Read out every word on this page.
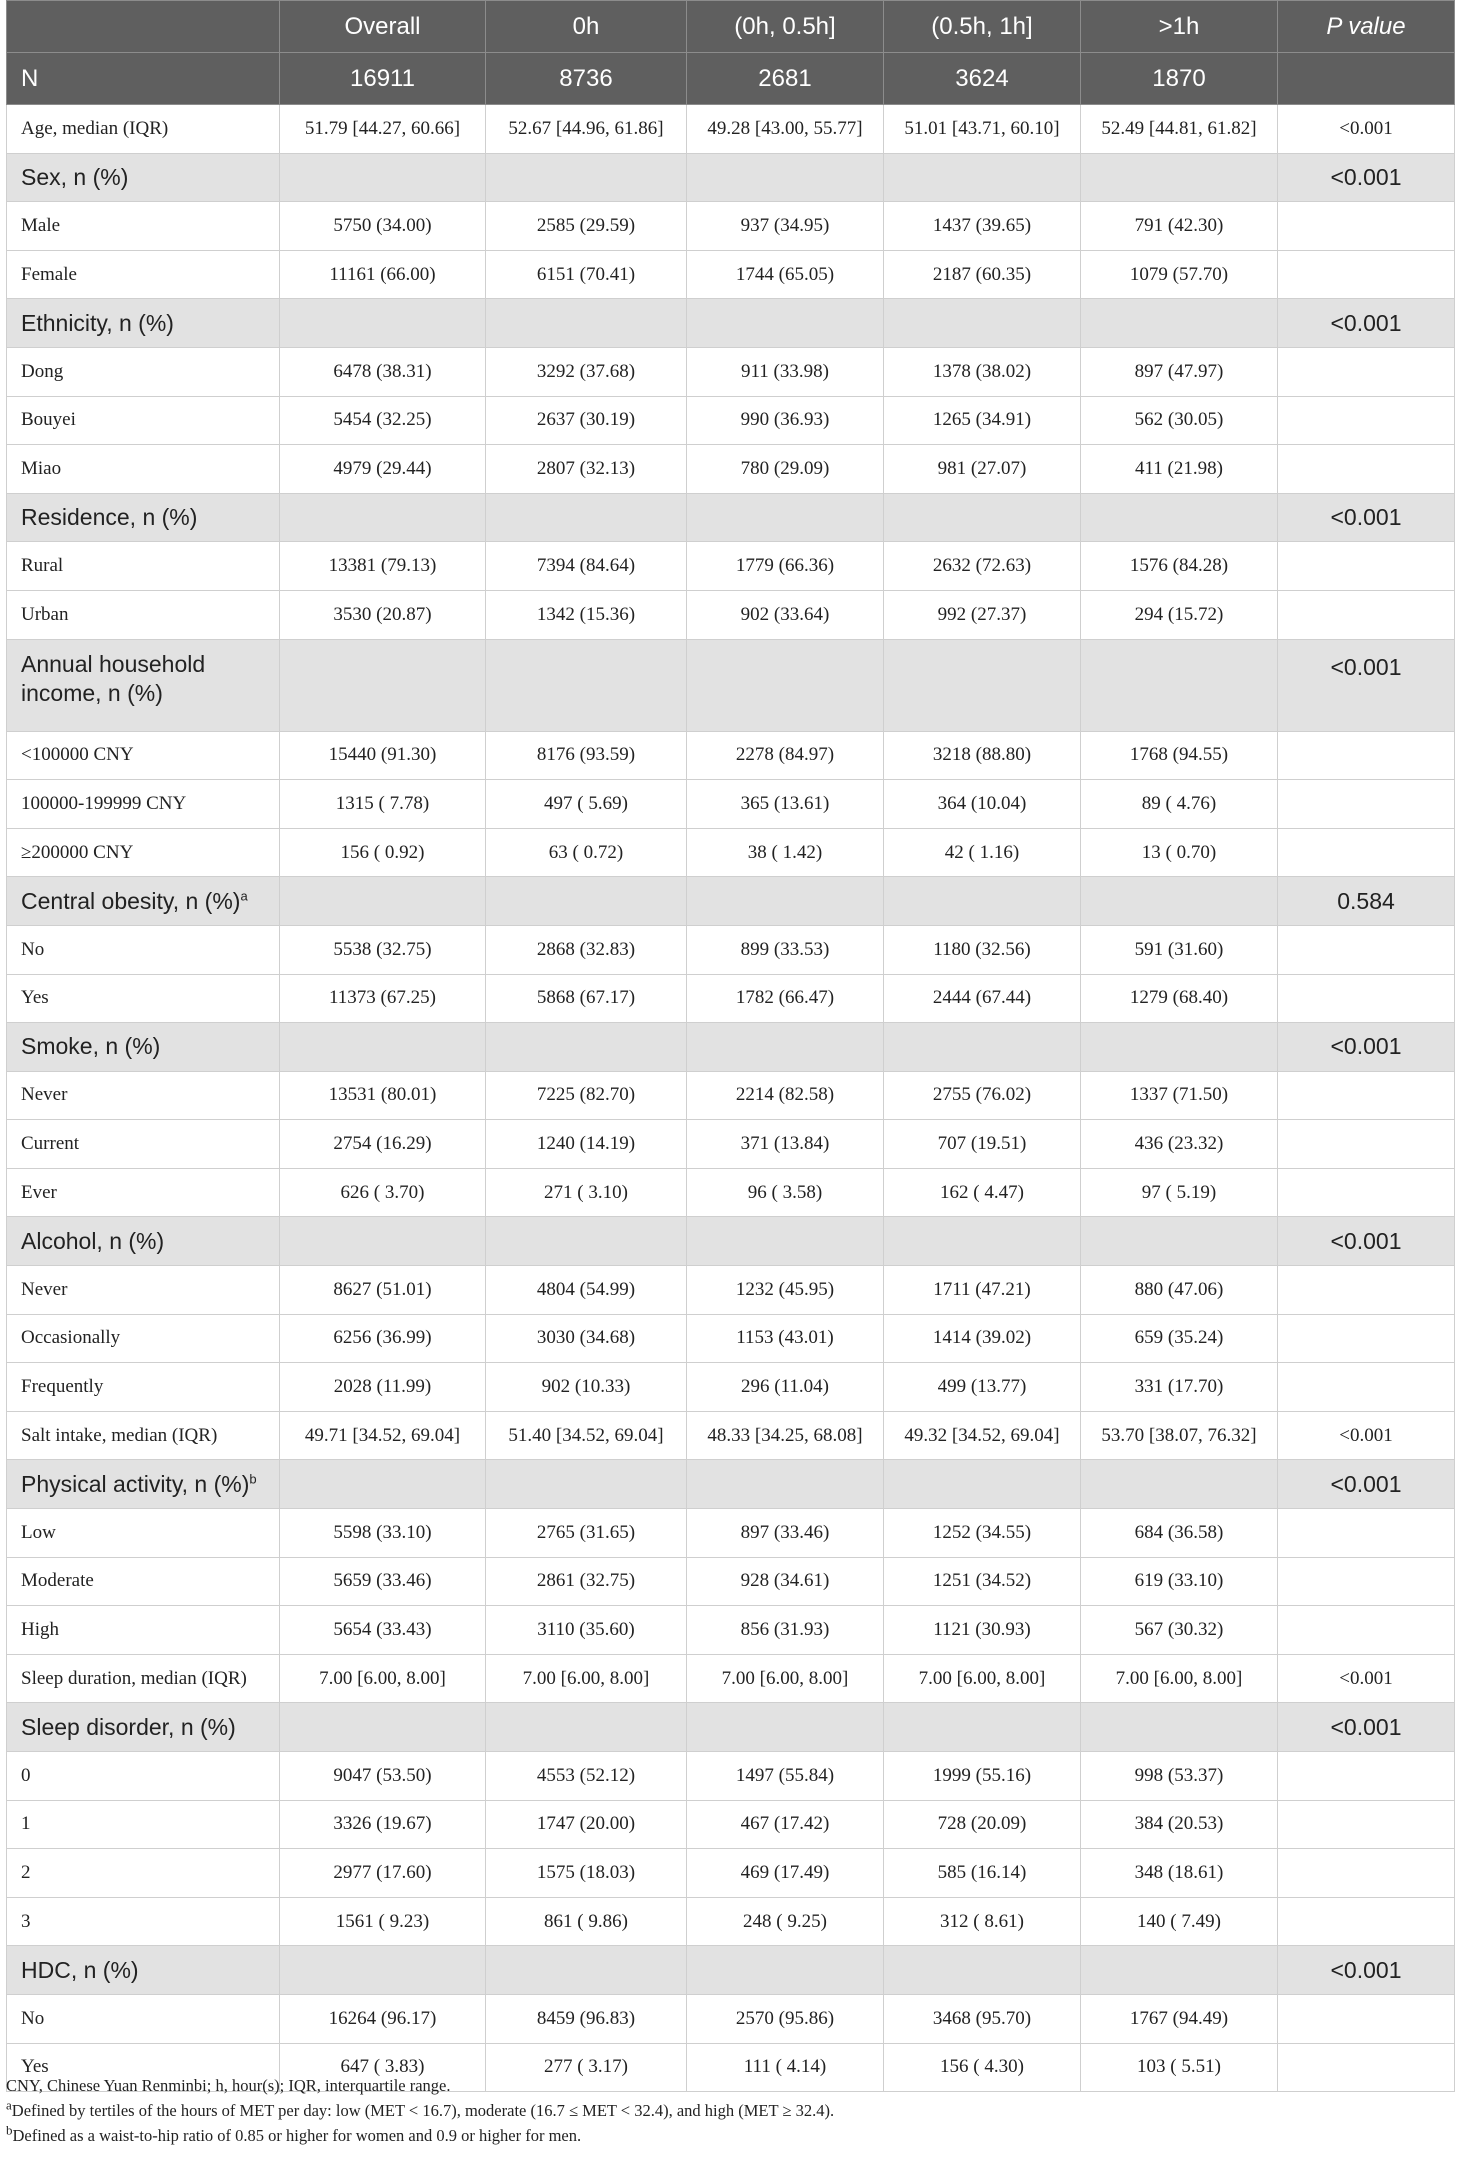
	Overall	0h	(0h, 0.5h]	(0.5h, 1h]	>1h	P value
N	16911	8736	2681	3624	1870	
Age, median (IQR)	51.79 [44.27, 60.66]	52.67 [44.96, 61.86]	49.28 [43.00, 55.77]	51.01 [43.71, 60.10]	52.49 [44.81, 61.82]	<0.001
Sex, n (%)						<0.001
Male	5750 (34.00)	2585 (29.59)	937 (34.95)	1437 (39.65)	791 (42.30)	
Female	11161 (66.00)	6151 (70.41)	1744 (65.05)	2187 (60.35)	1079 (57.70)	
Ethnicity, n (%)						<0.001
Dong	6478 (38.31)	3292 (37.68)	911 (33.98)	1378 (38.02)	897 (47.97)	
Bouyei	5454 (32.25)	2637 (30.19)	990 (36.93)	1265 (34.91)	562 (30.05)	
Miao	4979 (29.44)	2807 (32.13)	780 (29.09)	981 (27.07)	411 (21.98)	
Residence, n (%)						<0.001
Rural	13381 (79.13)	7394 (84.64)	1779 (66.36)	2632 (72.63)	1576 (84.28)	
Urban	3530 (20.87)	1342 (15.36)	902 (33.64)	992 (27.37)	294 (15.72)	
Annual household income, n (%)						<0.001
<100000 CNY	15440 (91.30)	8176 (93.59)	2278 (84.97)	3218 (88.80)	1768 (94.55)	
100000-199999 CNY	1315 ( 7.78)	497 ( 5.69)	365 (13.61)	364 (10.04)	89 ( 4.76)	
≥200000 CNY	156 ( 0.92)	63 ( 0.72)	38 ( 1.42)	42 ( 1.16)	13 ( 0.70)	
Central obesity, n (%)$^a$						0.584
No	5538 (32.75)	2868 (32.83)	899 (33.53)	1180 (32.56)	591 (31.60)	
Yes	11373 (67.25)	5868 (67.17)	1782 (66.47)	2444 (67.44)	1279 (68.40)	
Smoke, n (%)						<0.001
Never	13531 (80.01)	7225 (82.70)	2214 (82.58)	2755 (76.02)	1337 (71.50)	
Current	2754 (16.29)	1240 (14.19)	371 (13.84)	707 (19.51)	436 (23.32)	
Ever	626 ( 3.70)	271 ( 3.10)	96 ( 3.58)	162 ( 4.47)	97 ( 5.19)	
Alcohol, n (%)						<0.001
Never	8627 (51.01)	4804 (54.99)	1232 (45.95)	1711 (47.21)	880 (47.06)	
Occasionally	6256 (36.99)	3030 (34.68)	1153 (43.01)	1414 (39.02)	659 (35.24)	
Frequently	2028 (11.99)	902 (10.33)	296 (11.04)	499 (13.77)	331 (17.70)	
Salt intake, median (IQR)	49.71 [34.52, 69.04]	51.40 [34.52, 69.04]	48.33 [34.25, 68.08]	49.32 [34.52, 69.04]	53.70 [38.07, 76.32]	<0.001
Physical activity, n (%)$^b$						<0.001
Low	5598 (33.10)	2765 (31.65)	897 (33.46)	1252 (34.55)	684 (36.58)	
Moderate	5659 (33.46)	2861 (32.75)	928 (34.61)	1251 (34.52)	619 (33.10)	
High	5654 (33.43)	3110 (35.60)	856 (31.93)	1121 (30.93)	567 (30.32)	
Sleep duration, median (IQR)	7.00 [6.00, 8.00]	7.00 [6.00, 8.00]	7.00 [6.00, 8.00]	7.00 [6.00, 8.00]	7.00 [6.00, 8.00]	<0.001
Sleep disorder, n (%)						<0.001
0	9047 (53.50)	4553 (52.12)	1497 (55.84)	1999 (55.16)	998 (53.37)	
1	3326 (19.67)	1747 (20.00)	467 (17.42)	728 (20.09)	384 (20.53)	
2	2977 (17.60)	1575 (18.03)	469 (17.49)	585 (16.14)	348 (18.61)	
3	1561 ( 9.23)	861 ( 9.86)	248 ( 9.25)	312 ( 8.61)	140 ( 7.49)	
HDC, n (%)						<0.001
No	16264 (96.17)	8459 (96.83)	2570 (95.86)	3468 (95.70)	1767 (94.49)	
Yes	647 ( 3.83)	277 ( 3.17)	111 ( 4.14)	156 ( 4.30)	103 ( 5.51)	
CNY, Chinese Yuan Renminbi; h, hour(s); IQR, interquartile range.
$^a$Defined by tertiles of the hours of MET per day: low (MET < 16.7), moderate (16.7 ≤ MET < 32.4), and high (MET ≥ 32.4).
$^b$Defined as a waist-to-hip ratio of 0.85 or higher for women and 0.9 or higher for men.
